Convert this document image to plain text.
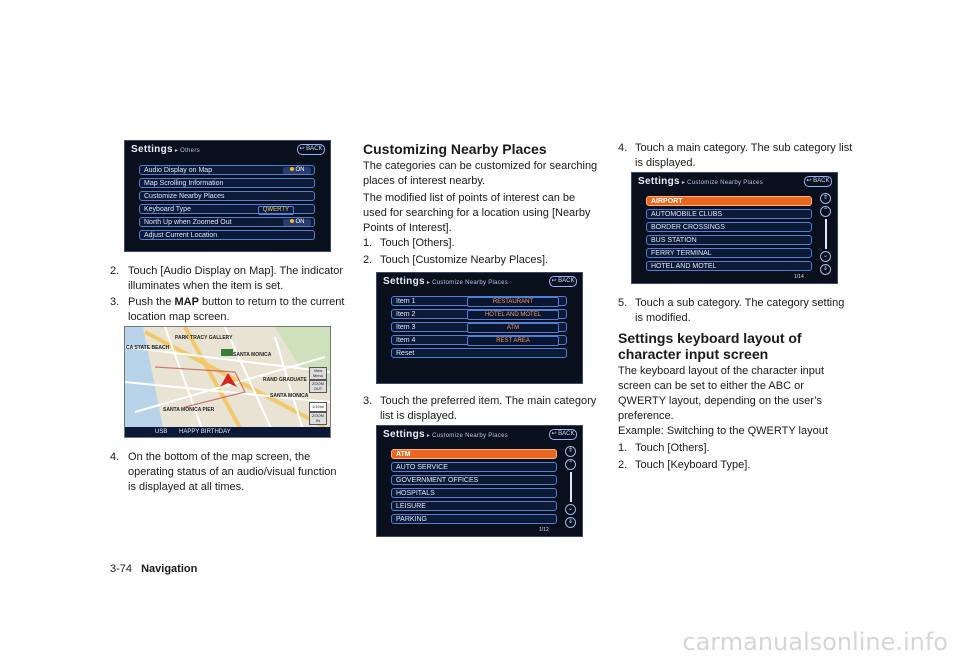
Settings ▸ Others	↩ BACK
Audio Display on Map	ON
Map Scrolling Information
Customize Nearby Places
Keyboard Type	QWERTY
North Up when Zoomed Out	ON
Adjust Current Location
2. Touch [Audio Display on Map]. The indicator illuminates when the item is set.

3. Push the MAP button to return to the current location map screen.

PARK TRACY GALLERY
SANTA MONICA
RAND GRADUATE
SANTA MONICA
SANTA MONICA PIER
CA STATE BEACH
View Menu
ZOOM OUT
1/10mi
ZOOM IN
USB HAPPY BIRTHDAY
4. On the bottom of the map screen, the operating status of an audio/visual function is displayed at all times.

Customizing Nearby Places

The categories can be customized for searching places of interest nearby.

The modified list of points of interest can be used for searching for a location using [Nearby Points of Interest].

1. Touch [Others].

2. Touch [Customize Nearby Places].

Settings ▸ Customize Nearby Places	↩ BACK
Item 1	RESTAURANT
Item 2	HOTEL AND MOTEL
Item 3	ATM
Item 4	REST AREA
Reset
3. Touch the preferred item. The main category list is displayed.

Settings ▸ Customize Nearby Places	↩ BACK
ATM
AUTO SERVICE
GOVERNMENT OFFICES
HOSPITALS
LEISURE
PARKING
⇑
⌃
⌄
⇓
1/12
4. Touch a main category. The sub category list is displayed.

Settings ▸ Customize Nearby Places	↩ BACK
AIRPORT
AUTOMOBILE CLUBS
BORDER CROSSINGS
BUS STATION
FERRY TERMINAL
HOTEL AND MOTEL
⇑
⌃
⌄
⇓
1/14
5. Touch a sub category. The category setting is modified.

Settings keyboard layout of character input screen

The keyboard layout of the character input screen can be set to either the ABC or QWERTY layout, depending on the user’s preference.

Example: Switching to the QWERTY layout

1. Touch [Others].

2. Touch [Keyboard Type].

3-74 Navigation
carmanualsonline.info
